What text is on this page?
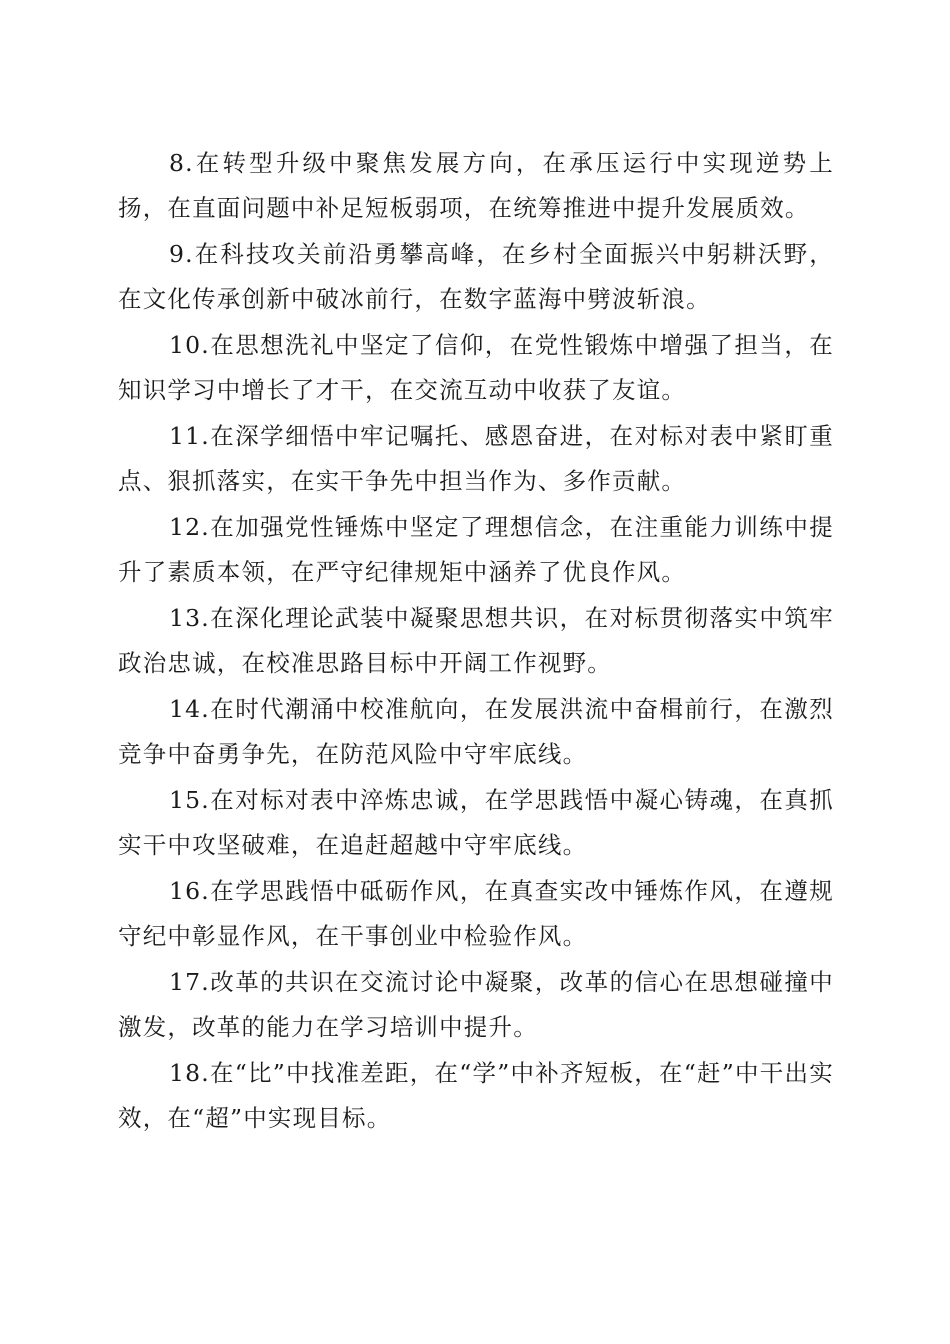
8.在转型升级中聚焦发展方向，在承压运行中实现逆势上扬，在直面问题中补足短板弱项，在统筹推进中提升发展质效。

9.在科技攻关前沿勇攀高峰，在乡村全面振兴中躬耕沃野，在文化传承创新中破冰前行，在数字蓝海中劈波斩浪。

10.在思想洗礼中坚定了信仰，在党性锻炼中增强了担当，在知识学习中增长了才干，在交流互动中收获了友谊。

11.在深学细悟中牢记嘱托、感恩奋进，在对标对表中紧盯重点、狠抓落实，在实干争先中担当作为、多作贡献。

12.在加强党性锤炼中坚定了理想信念，在注重能力训练中提升了素质本领，在严守纪律规矩中涵养了优良作风。

13.在深化理论武装中凝聚思想共识，在对标贯彻落实中筑牢政治忠诚，在校准思路目标中开阔工作视野。

14.在时代潮涌中校准航向，在发展洪流中奋楫前行，在激烈竞争中奋勇争先，在防范风险中守牢底线。

15.在对标对表中淬炼忠诚，在学思践悟中凝心铸魂，在真抓实干中攻坚破难，在追赶超越中守牢底线。

16.在学思践悟中砥砺作风，在真查实改中锤炼作风，在遵规守纪中彰显作风，在干事创业中检验作风。

17.改革的共识在交流讨论中凝聚，改革的信心在思想碰撞中激发，改革的能力在学习培训中提升。

18.在“比”中找准差距，在“学”中补齐短板，在“赶”中干出实效，在“超”中实现目标。
